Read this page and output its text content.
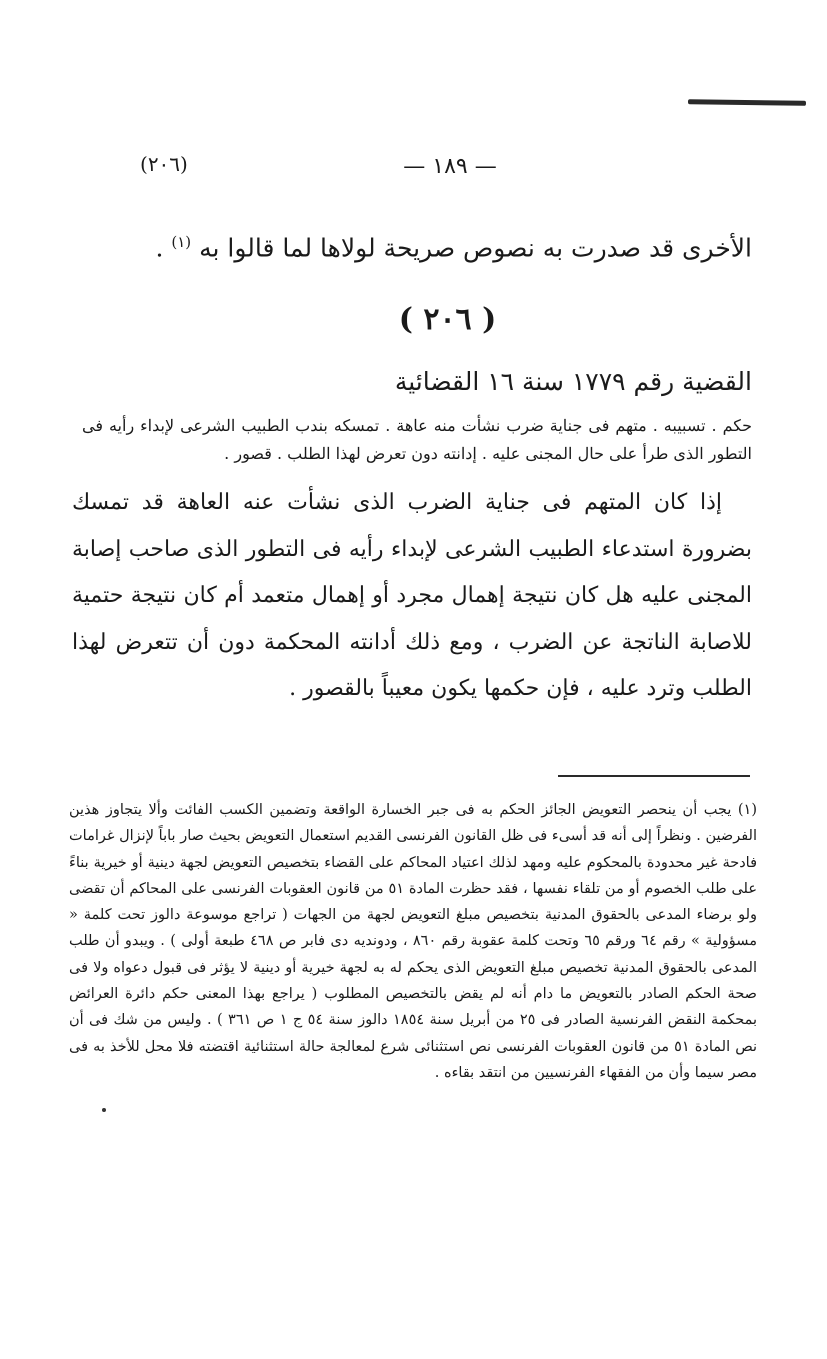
— ١٨٩ —
(٢٠٦)
الأخرى قد صدرت به نصوص صريحة لولاها لما قالوا به $^{(١)}$ .
( ٢٠٦ )
القضية رقم ١٧٧٩ سنة ١٦ القضائية
حكم . تسبيبه . متهم فى جناية ضرب نشأت منه عاهة . تمسكه بندب الطبيب الشرعى لإبداء رأيه فى التطور الذى طرأ على حال المجنى عليه . إدانته دون تعرض لهذا الطلب . قصور .
إذا كان المتهم فى جناية الضرب الذى نشأت عنه العاهة قد تمسك بضرورة استدعاء الطبيب الشرعى لإبداء رأيه فى التطور الذى صاحب إصابة المجنى عليه هل كان نتيجة إهمال مجرد أو إهمال متعمد أم كان نتيجة حتمية للاصابة الناتجة عن الضرب ، ومع ذلك أدانته المحكمة دون أن تتعرض لهذا الطلب وترد عليه ، فإن حكمها يكون معيباً بالقصور .
(١) يجب أن ينحصر التعويض الجائز الحكم به فى جبر الخسارة الواقعة وتضمين الكسب الفائت وألا يتجاوز هذين الفرضين . ونظراً إلى أنه قد أسىء فى ظل القانون الفرنسى القديم استعمال التعويض بحيث صار باباً لإنزال غرامات فادحة غير محدودة بالمحكوم عليه ومهد لذلك اعتياد المحاكم على القضاء بتخصيص التعويض لجهة دينية أو خيرية بناءً على طلب الخصوم أو من تلقاء نفسها ، فقد حظرت المادة ٥١ من قانون العقوبات الفرنسى على المحاكم أن تقضى ولو برضاء المدعى بالحقوق المدنية بتخصيص مبلغ التعويض لجهة من الجهات ( تراجع موسوعة دالوز تحت كلمة « مسؤولية » رقم ٦٤ ورقم ٦٥ وتحت كلمة عقوبة رقم ٨٦٠ ، ودونديه دى فابر ص ٤٦٨ طبعة أولى ) . ويبدو أن طلب المدعى بالحقوق المدنية تخصيص مبلغ التعويض الذى يحكم له به لجهة خيرية أو دينية لا يؤثر فى قبول دعواه ولا فى صحة الحكم الصادر بالتعويض ما دام أنه لم يقض بالتخصيص المطلوب ( يراجع بهذا المعنى حكم دائرة العرائض بمحكمة النقض الفرنسية الصادر فى ٢٥ من أبريل سنة ١٨٥٤ دالوز سنة ٥٤ ج ١ ص ٣٦١ ) . وليس من شك فى أن نص المادة ٥١ من قانون العقوبات الفرنسى نص استثنائى شرع لمعالجة حالة استثنائية اقتضته فلا محل للأخذ به فى مصر سيما وأن من الفقهاء الفرنسيين من انتقد بقاءه .
